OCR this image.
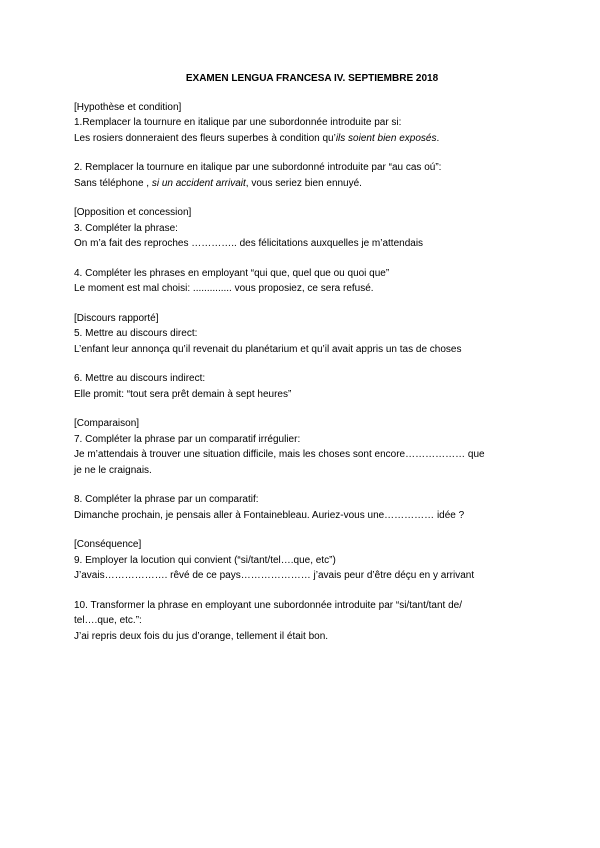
EXAMEN LENGUA FRANCESA IV. SEPTIEMBRE 2018

[Hypothèse et condition]

1.Remplacer la tournure en italique par une subordonnée introduite par si:

Les rosiers donneraient des fleurs superbes à condition qu’ils soient bien exposés.

2. Remplacer la tournure en italique par une subordonné introduite par “au cas oú”:

Sans téléphone , si un accident arrivait, vous seriez bien ennuyé.

[Opposition et concession]

3. Compléter la phrase:

On m’a fait des reproches ………….. des félicitations auxquelles je m’attendais

4. Compléter les phrases en employant “qui que, quel que ou quoi que”

Le moment est mal choisi: .............. vous proposiez, ce sera refusé.

[Discours rapporté]

5. Mettre au discours direct:

L’enfant leur annonça qu’il revenait du planétarium et qu’il avait appris un tas de choses

6. Mettre au discours indirect:

Elle promit: “tout sera prêt demain à sept heures”

[Comparaison]

7. Compléter la phrase par un comparatif irrégulier:

Je m’attendais à trouver une situation difficile, mais les choses sont encore……………… que

je ne le craignais.

8. Compléter la phrase par un comparatif:

Dimanche prochain, je pensais aller à Fontainebleau. Auriez-vous une…………… idée ?

[Conséquence]

9. Employer la locution qui convient (“si/tant/tel….que, etc”)

J’avais………………. rêvé de ce pays………………… j’avais peur d’être déçu en y arrivant

10. Transformer la phrase en employant une subordonnée introduite par “si/tant/tant de/

tel….que, etc.”:

J’ai repris deux fois du jus d’orange, tellement il était bon.
